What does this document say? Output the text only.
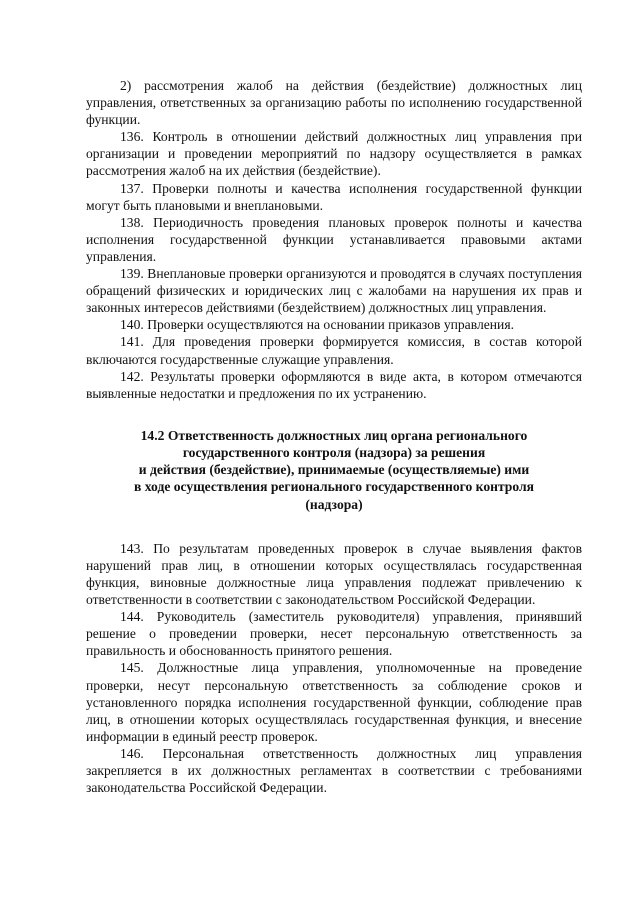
2) рассмотрения жалоб на действия (бездействие) должностных лиц управления, ответственных за организацию работы по исполнению государственной функции.

136. Контроль в отношении действий должностных лиц управления при организации и проведении мероприятий по надзору осуществляется в рамках рассмотрения жалоб на их действия (бездействие).

137. Проверки полноты и качества исполнения государственной функции могут быть плановыми и внеплановыми.

138. Периодичность проведения плановых проверок полноты и качества исполнения государственной функции устанавливается правовыми актами управления.

139. Внеплановые проверки организуются и проводятся в случаях поступления обращений физических и юридических лиц с жалобами на нарушения их прав и законных интересов действиями (бездействием) должностных лиц управления.

140. Проверки осуществляются на основании приказов управления.

141. Для проведения проверки формируется комиссия, в состав которой включаются государственные служащие управления.

142. Результаты проверки оформляются в виде акта, в котором отмечаются выявленные недостатки и предложения по их устранению.

14.2 Ответственность должностных лиц органа регионального
государственного контроля (надзора) за решения
и действия (бездействие), принимаемые (осуществляемые) ими
в ходе осуществления регионального государственного контроля
(надзора)

143. По результатам проведенных проверок в случае выявления фактов нарушений прав лиц, в отношении которых осуществлялась государственная функция, виновные должностные лица управления подлежат привлечению к ответственности в соответствии с законодательством Российской Федерации.

144. Руководитель (заместитель руководителя) управления, принявший решение о проведении проверки, несет персональную ответственность за правильность и обоснованность принятого решения.

145. Должностные лица управления, уполномоченные на проведение проверки, несут персональную ответственность за соблюдение сроков и установленного порядка исполнения государственной функции, соблюдение прав лиц, в отношении которых осуществлялась государственная функция, и внесение информации в единый реестр проверок.

146. Персональная ответственность должностных лиц управления закрепляется в их должностных регламентах в соответствии с требованиями законодательства Российской Федерации.
